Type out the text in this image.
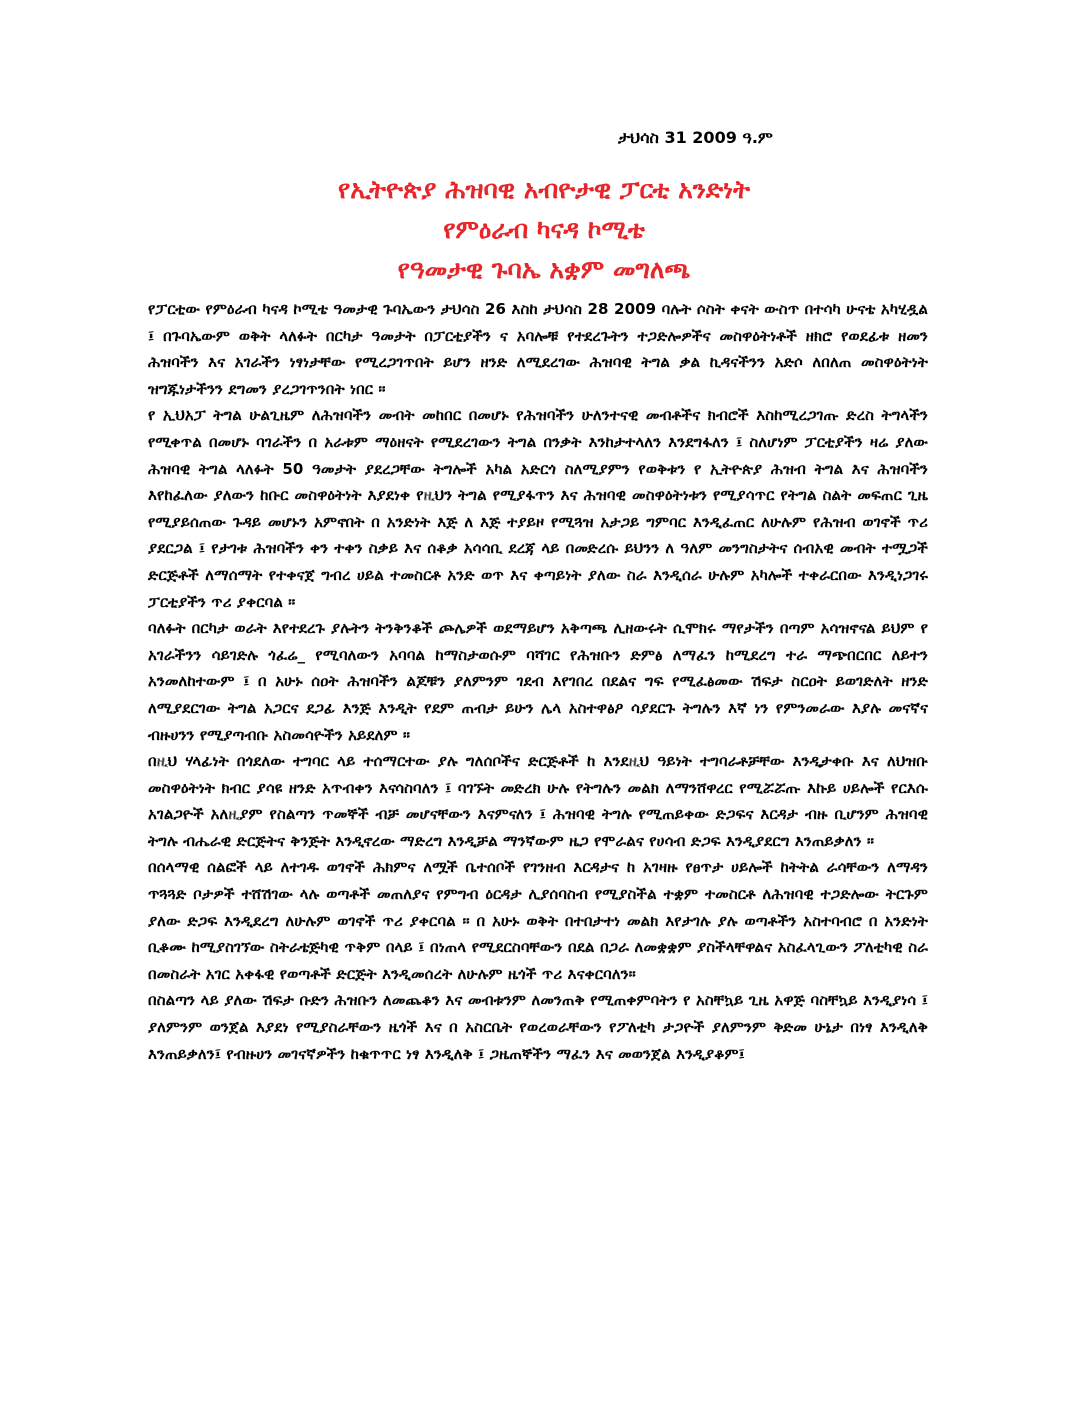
ታህሳስ 31 2009 ዓ.ም
የኢትዮጵያ ሕዝባዊ አብዮታዊ ፓርቲ አንድነት
የምዕራብ ካናዳ ኮሚቴ
የዓመታዊ ጉባኤ አቋም መግለጫ

የፓርቲው የምዕራብ ካናዳ ኮሚቴ ዓመታዊ ጉባኤውን ታህሳስ 26 እስከ ታህሳስ 28 2009 ባሉት ሶስት ቀናት ውስጥ በተሳካ ሁናቴ አካሂዷል ፤ በጉባኤውም ወቅት ላለፉት በርካታ ዓመታት በፓርቲያችን ና አባሎቹ የተደረጉትን ተጋድሎዎችና መስዋዕትነቶች ዘክሮ የወደፊቱ ዘመን ሕዝባችን እና አገራችን ነፃነታቸው የሚረጋገጥበት ይሆን ዘንድ ለሚደረገው ሕዝባዊ ትግል ቃል ኪዳናችንን አድሶ ለበለጠ መስዋዕትነት ዝግጁነታችንን ደግመን ያረጋገጥንበት ነበር ።

የ ኢህአፓ ትግል ሁልጊዜም ለሕዝባችን መብት መከበር በመሆኑ የሕዝባችን ሁለንተናዊ መብቶችና ክብሮች እስከሚረጋገጡ ድረስ ትግላችን የሚቀጥል በመሆኑ ባገራችን በ አራቱም ማዕዘናት የሚደረገውን ትግል በንቃት እንከታተላለን እንደግፋለን ፤ ስለሆነም ፓርቲያችን ዛሬ ያለው ሕዝባዊ ትግል ላለፉት 50 ዓመታት ያደረጋቸው ትግሎች አካል አድርጎ ስለሚያምን የወቅቱን የ ኢትዮጵያ ሕዝብ ትግል እና ሕዝባችን እየከፈለው ያለውን ከቡር መስዋዕትነት እያደነቀ የዚህን ትግል የሚያፋጥን እና ሕዝባዊ መስዋዕትነቱን የሚያሳጥር የትግል ስልት መፍጠር ጊዜ የሚያይሰጠው ጉዳይ መሆኑን አምኖበት በ አንድነት እጅ ለ እጅ ተያይዞ የሚጓዝ አታጋይ ግምባር እንዲፈጠር ለሁሉም የሕዝብ ወገኖች ጥሪ ያደርጋል ፤ የታገቱ ሕዝባችን ቀን ተቀን ስቃይ እና ሰቆቃ አሳሳቢ ደረጃ ላይ በመድረሱ ይህንን ለ ዓለም መንግስታትና ሰብአዊ መብት ተሟጋች ድርጅቶች ለማሰማት የተቀናጀ ግብረ ሀይል ተመስርቶ አንድ ወጥ እና ቀጣይነት ያለው ስራ እንዲሰራ ሁሉም አካሎች ተቀራርበው እንዲነጋገሩ ፓርቲያችን ጥሪ ያቀርባል ።

ባለፉት በርካታ ወራት እየተደረጉ ያሉትን ትንቅንቆች ጮሌዎች ወደማይሆን አቅጣጫ ሊዘውሩት ሲሞክሩ ማየታችን በጣም አሳዝኖናል ይህም የ አገራችንን ሳይገድሉ ጎፈሬ_ የሚባለውን አባባል ከማስታወሱም ባሻገር የሕዝቡን ድምፅ ለማፈን ከሚደረግ ተራ ማጭበርበር ለይተን አንመለከተውም ፤ በ አሁኑ ሰዐት ሕዝባችን ልጆቹን ያለምንም ገደብ እየገበረ በደልና ግፍ የሚፈፅመው ሽፍታ ስርዐት ይወገድለት ዘንድ ለሚያደርገው ትግል አጋርና ደጋፊ እንጅ እንዲት የደም ጠብታ ይሁን ሌላ አስተዋፅዖ ሳያደርጉ ትግሉን እኛ ነን የምንመራው እያሉ መናኛና ብዙሀንን የሚያጣብቡ አስመሳዮችን አይደለም ።

በዚህ ሃላፊነት በጎደለው ተግባር ላይ ተሰማርተው ያሉ ግለሰቦችና ድርጅቶች ከ እንደዚህ ዓይነት ተግባራቶቻቸው እንዲታቀቡ እና ለህዝቡ መስዋዕትነት ክብር ያሳዩ ዘንድ አጥብቀን እናሳስባለን ፤ ባገኙት መድረክ ሁሉ የትግሉን መልክ ለማንሸዋረር የሚሯሯጡ እኩይ ሀይሎች የርእሱ አገልጋዮች አለዚያም የስልጣን ጥመኞች ብቻ መሆናቸውን እናምናለን ፤ ሕዝባዊ ትግሉ የሚጠይቀው ድጋፍና እርዳታ ብዙ ቢሆንም ሕዝባዊ ትግሉ ብሔራዊ ድርጅትና ቅንጅት እንዲኖረው ማድረግ እንዲቻል ማንኛውም ዜጋ የሞራልና የሀሳብ ድጋፍ እንዲያደርግ እንጠይቃለን ።

በሰላማዊ ሰልፎች ላይ ለተገዱ ወገኖች ሕክምና ለሟች ቤተሰቦች የገንዘብ እርዳታና ከ አገዛዙ የፀጥታ ሀይሎች ከትትል ራሳቸውን ለማዳን ጥጓጓድ ቦታዎች ተሸሽገው ላሉ ወጣቶች መጠለያና የምግብ ዕርዳታ ሊያሰባስብ የሚያስችል ተቋም ተመስርቶ ለሕዝባዊ ተጋድሎው ትርጉም ያለው ድጋፍ እንዲደረግ ለሁሉም ወገኖች ጥሪ ያቀርባል ። በ አሁኑ ወቅት በተበታተነ መልክ እየታገሉ ያሉ ወጣቶችን አስተባብሮ በ አንድነት ቢቆሙ ከሚያስገኘው ስትራቴጅካዊ ጥቅም በላይ ፤ በነጠላ የሚደርስባቸውን በደል በጋራ ለመቋቋም ያስችላቸዋልና አስፈላጊውን ፖለቲካዊ ስራ በመስራት አገር አቀፋዊ የወጣቶች ድርጅት እንዲመሰረት ለሁሉም ዜጎች ጥሪ እናቀርባለን።

በስልጣን ላይ ያለው ሽፍታ ቡድን ሕዝቡን ለመጨቆን እና መብቱንም ለመንጠቅ የሚጠቀምባትን የ አስቸኳይ ጊዜ አዋጅ ባስቸኳይ እንዲያነሳ ፤ ያለምንም ወንጀል እያደነ የሚያስራቸውን ዜጎች እና በ አስርቤት የወረወራቸውን የፖለቲካ ታጋዮች ያለምንም ቅድመ ሁኔታ በነፃ እንዲለቅ እንጠይቃለን፤ የብዙሀን መገናኛዎችን ከቁጥጥር ነፃ እንዲለቅ ፤ ጋዜጠኞችን ማፈን እና መወንጀል እንዲያቆም፤
